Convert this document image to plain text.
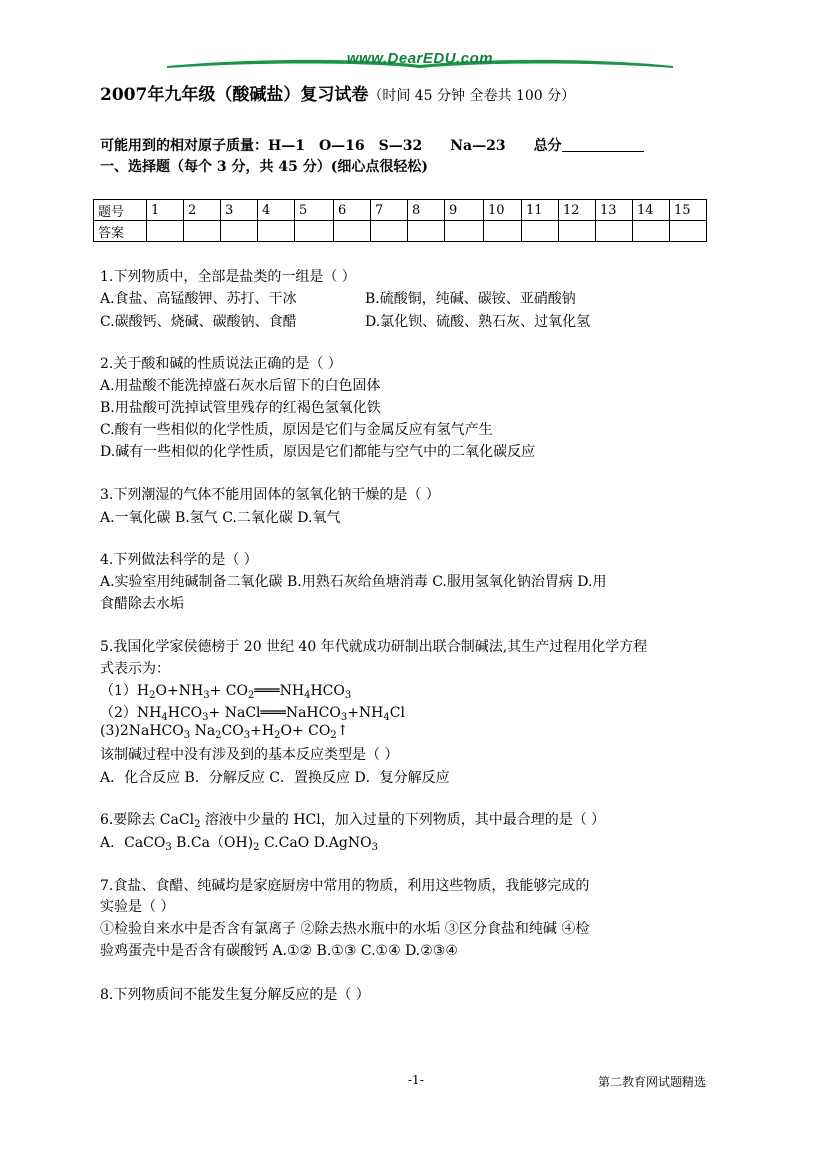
www.DearEDU.com
2007年九年级（酸碱盐）复习试卷（时间 45 分钟 全卷共 100 分）
可能用到的相对原子质量：H—1 O—16 S—32 Na—23 总分
一、选择题（每个 3 分，共 45 分）(细心点很轻松)
题号	1	2	3	4	5	6	7	8	9	10	11	12	13	14	15
答案															
1.下列物质中，全部是盐类的一组是（ ）
A.食盐、高锰酸钾、苏打、干冰	B.硫酸铜，纯碱、碳铵、亚硝酸钠
C.碳酸钙、烧碱、碳酸钠、食醋	D.氯化钡、硫酸、熟石灰、过氧化氢
2.关于酸和碱的性质说法正确的是（ ）
A.用盐酸不能洗掉盛石灰水后留下的白色固体
B.用盐酸可洗掉试管里残存的红褐色氢氧化铁
C.酸有一些相似的化学性质，原因是它们与金属反应有氢气产生
D.碱有一些相似的化学性质，原因是它们都能与空气中的二氧化碳反应
3.下列潮湿的气体不能用固体的氢氧化钠干燥的是（ ）
A.一氧化碳 B.氢气 C.二氧化碳 D.氧气
4.下列做法科学的是（ ）
A.实验室用纯碱制备二氧化碳 B.用熟石灰给鱼塘消毒 C.服用氢氧化钠治胃病 D.用
食醋除去水垢
5.我国化学家侯德榜于 20 世纪 40 年代就成功研制出联合制碱法,其生产过程用化学方程
式表示为：
$(1)H_2O+NH_3+$ $CO_2═══NH_4HCO_3$
$(2)NH_4HCO_3+$ $NaCl═══NaHCO_3+NH_4Cl$
(3)2NaHCO$_3$ $Na_2CO_3+H_2O+$ $CO_2↑$
该制碱过程中没有涉及到的基本反应类型是（ ）
A．化合反应 B．分解反应 C．置换反应 D．复分解反应
6.要除去 CaCl$_2$ 溶液中少量的 HCl，加入过量的下列物质，其中最合理的是（ ）
A．CaCO$_3$ $B.Ca(OH)_2$ C.CaO D.AgNO$_3$
7.食盐、食醋、纯碱均是家庭厨房中常用的物质，利用这些物质，我能够完成的
实验是（ ）
①检验自来水中是否含有氯离子 ②除去热水瓶中的水垢 ③区分食盐和纯碱 ④检
验鸡蛋壳中是否含有碳酸钙 A.①② B.①③ C.①④ D.②③④
8.下列物质间不能发生复分解反应的是（ ）
-1-	第二教育网试题精选
